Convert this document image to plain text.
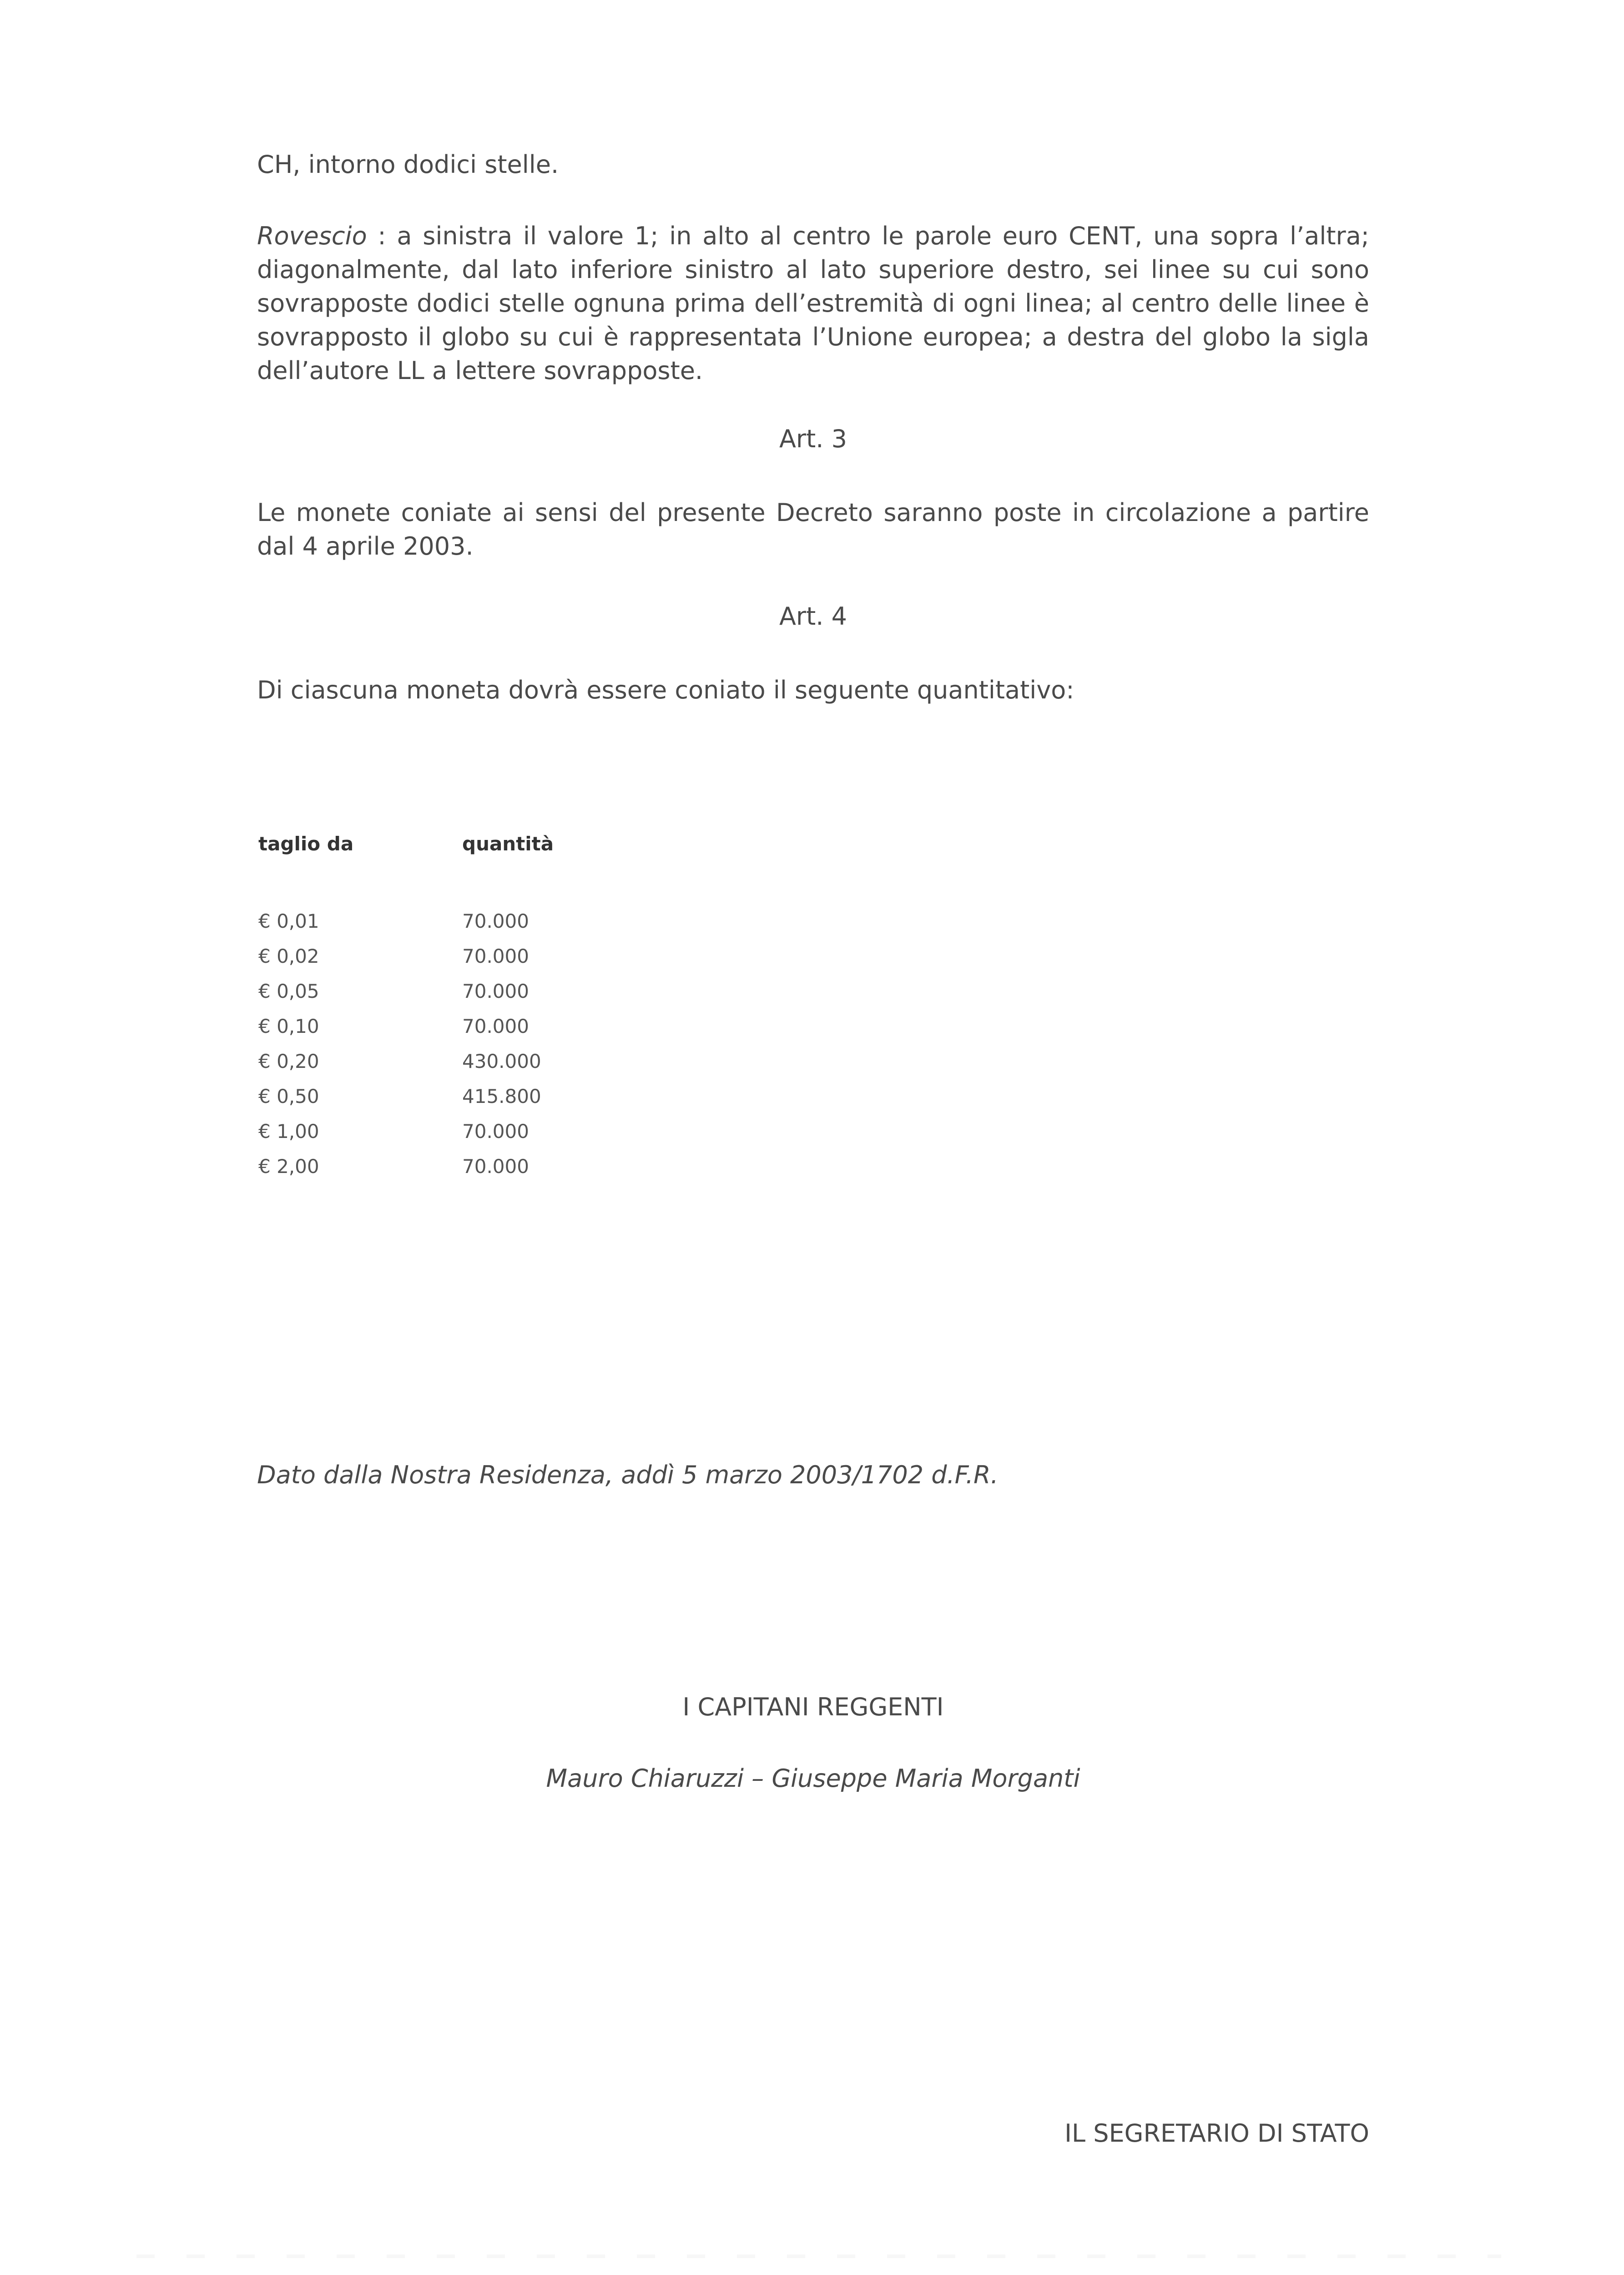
CH, intorno dodici stelle.

Rovescio : a sinistra il valore 1; in alto al centro le parole euro CENT, una sopra l’altra; diagonalmente, dal lato inferiore sinistro al lato superiore destro, sei linee su cui sono sovrapposte dodici stelle ognuna prima dell’estremità di ogni linea; al centro delle linee è sovrapposto il globo su cui è rappresentata l’Unione europea; a destra del globo la sigla dell’autore LL a lettere sovrapposte.

Art. 3

Le monete coniate ai sensi del presente Decreto saranno poste in circolazione a partire dal 4 aprile 2003.

Art. 4

Di ciascuna moneta dovrà essere coniato il seguente quantitativo:

taglio da	quantità
€ 0,01	70.000
€ 0,02	70.000
€ 0,05	70.000
€ 0,10	70.000
€ 0,20	430.000
€ 0,50	415.800
€ 1,00	70.000
€ 2,00	70.000

Dato dalla Nostra Residenza, addì 5 marzo 2003/1702 d.F.R.

I CAPITANI REGGENTI

Mauro Chiaruzzi – Giuseppe Maria Morganti

IL SEGRETARIO DI STATO
